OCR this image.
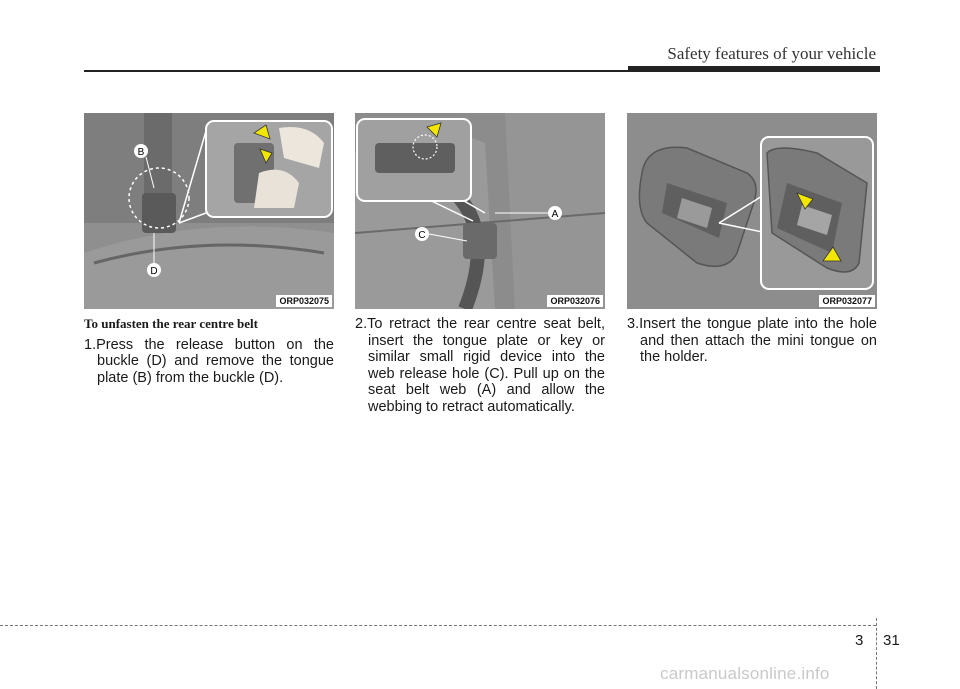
Safety features of your vehicle
B
D
ORP032075
A
C
ORP032076	ORP032077
To unfasten the rear centre belt
1.Press the release button on the buckle (D) and remove the tongue plate (B) from the buckle (D).
2.To retract the rear centre seat belt, insert the tongue plate or key or similar small rigid device into the web release hole (C). Pull up on the seat belt web (A) and allow the webbing to retract automatically.
3.Insert the tongue plate into the hole and then attach the mini tongue on the holder.
3 31
carmanualsonline.info
